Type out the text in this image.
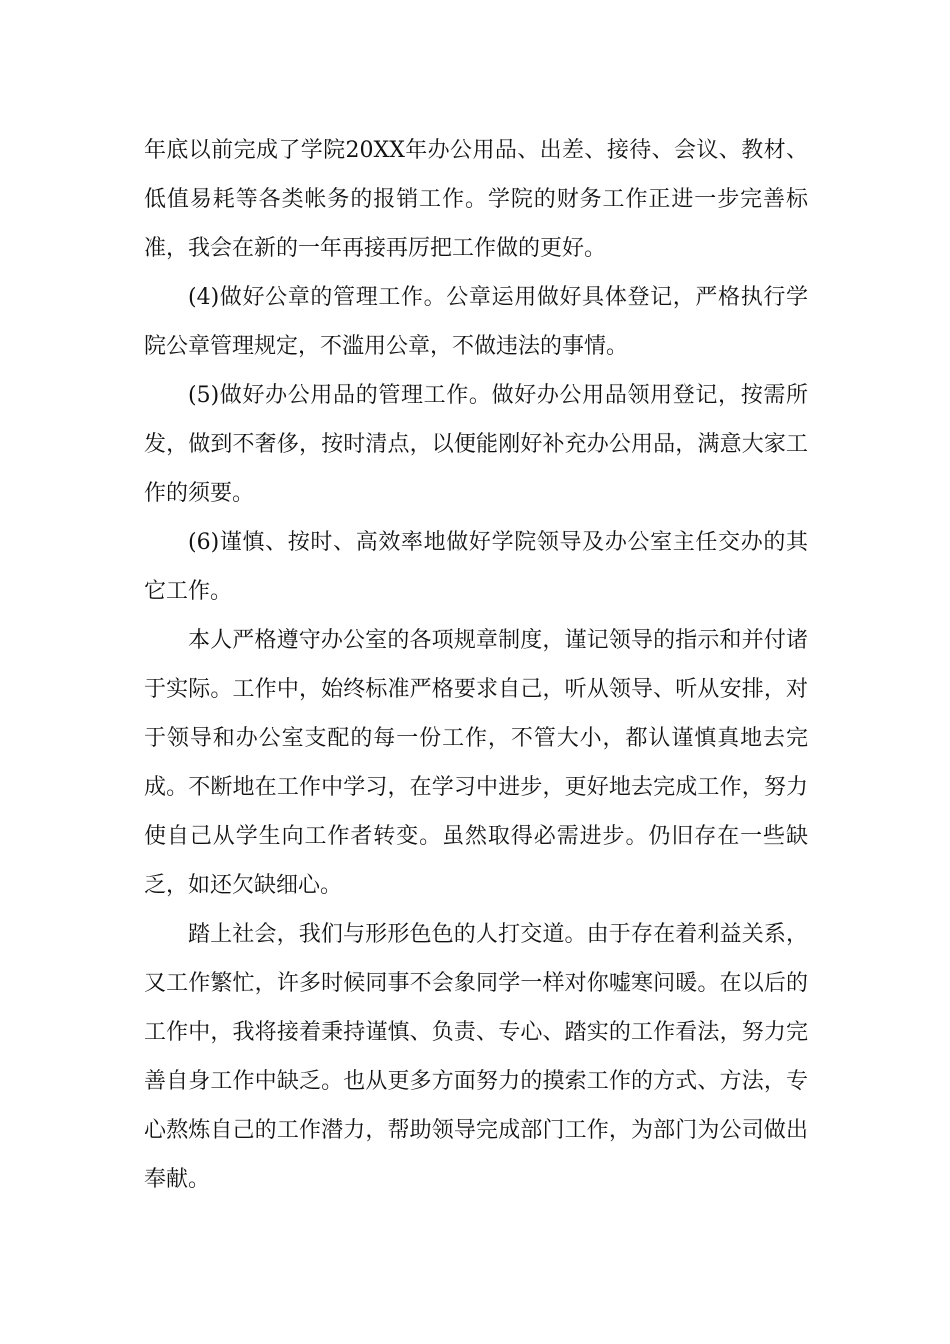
年底以前完成了学院20XX年办公用品、出差、接待、会议、教材、低值易耗等各类帐务的报销工作。学院的财务工作正进一步完善标准，我会在新的一年再接再厉把工作做的更好。

(4)做好公章的管理工作。公章运用做好具体登记，严格执行学院公章管理规定，不滥用公章，不做违法的事情。

(5)做好办公用品的管理工作。做好办公用品领用登记，按需所发，做到不奢侈，按时清点，以便能刚好补充办公用品，满意大家工作的须要。

(6)谨慎、按时、高效率地做好学院领导及办公室主任交办的其它工作。

本人严格遵守办公室的各项规章制度，谨记领导的指示和并付诸于实际。工作中，始终标准严格要求自己，听从领导、听从安排，对于领导和办公室支配的每一份工作，不管大小，都认谨慎真地去完成。不断地在工作中学习，在学习中进步，更好地去完成工作，努力使自己从学生向工作者转变。虽然取得必需进步。仍旧存在一些缺乏，如还欠缺细心。

踏上社会，我们与形形色色的人打交道。由于存在着利益关系，又工作繁忙，许多时候同事不会象同学一样对你嘘寒问暖。在以后的工作中，我将接着秉持谨慎、负责、专心、踏实的工作看法，努力完善自身工作中缺乏。也从更多方面努力的摸索工作的方式、方法，专心熬炼自己的工作潜力，帮助领导完成部门工作，为部门为公司做出奉献。
